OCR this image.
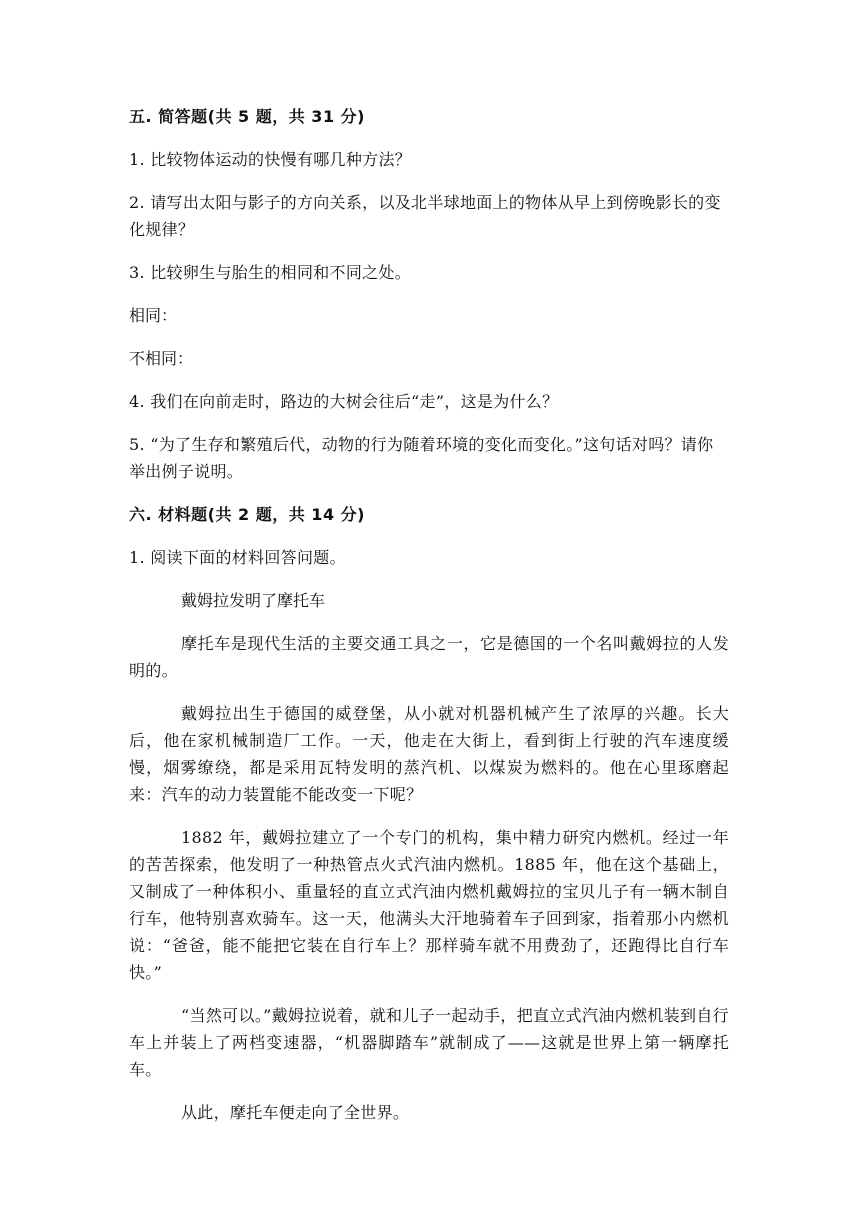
五. 简答题(共 5 题，共 31 分)
1. 比较物体运动的快慢有哪几种方法？
2. 请写出太阳与影子的方向关系，以及北半球地面上的物体从早上到傍晚影长的变化规律？
3. 比较卵生与胎生的相同和不同之处。
相同：
不相同：
4. 我们在向前走时，路边的大树会往后“走”，这是为什么？
5. “为了生存和繁殖后代，动物的行为随着环境的变化而变化。”这句话对吗？请你举出例子说明。
六. 材料题(共 2 题，共 14 分)
1. 阅读下面的材料回答问题。
戴姆拉发明了摩托车
摩托车是现代生活的主要交通工具之一，它是德国的一个名叫戴姆拉的人发明的。
戴姆拉出生于德国的威登堡，从小就对机器机械产生了浓厚的兴趣。长大后，他在家机械制造厂工作。一天，他走在大街上，看到街上行驶的汽车速度缓慢，烟雾缭绕，都是采用瓦特发明的蒸汽机、以煤炭为燃料的。他在心里琢磨起来：汽车的动力装置能不能改变一下呢？
1882 年，戴姆拉建立了一个专门的机构，集中精力研究内燃机。经过一年的苦苦探索，他发明了一种热管点火式汽油内燃机。1885 年，他在这个基础上，又制成了一种体积小、重量轻的直立式汽油内燃机戴姆拉的宝贝儿子有一辆木制自行车，他特别喜欢骑车。这一天，他满头大汗地骑着车子回到家，指着那小内燃机说：“爸爸，能不能把它装在自行车上？那样骑车就不用费劲了，还跑得比自行车快。”
“当然可以。”戴姆拉说着，就和儿子一起动手，把直立式汽油内燃机装到自行车上并装上了两档变速器，“机器脚踏车”就制成了——这就是世界上第一辆摩托车。
从此，摩托车便走向了全世界。
